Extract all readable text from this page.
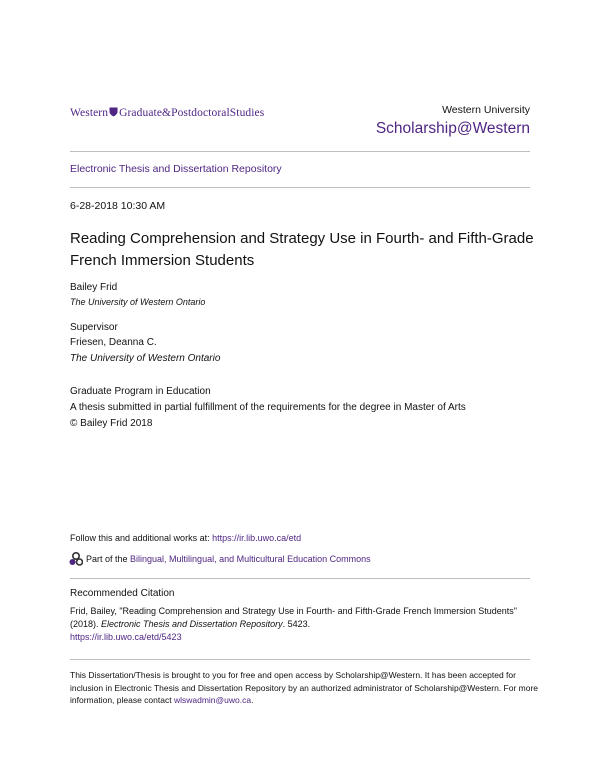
Western Graduate&PostdoctoralStudies	Western University
Scholarship@Western
Electronic Thesis and Dissertation Repository
6-28-2018 10:30 AM
Reading Comprehension and Strategy Use in Fourth- and Fifth-Grade French Immersion Students
Bailey Frid
The University of Western Ontario
Supervisor
Friesen, Deanna C.
The University of Western Ontario
Graduate Program in Education
A thesis submitted in partial fulfillment of the requirements for the degree in Master of Arts
© Bailey Frid 2018
Follow this and additional works at: https://ir.lib.uwo.ca/etd
Part of the Bilingual, Multilingual, and Multicultural Education Commons
Recommended Citation
Frid, Bailey, "Reading Comprehension and Strategy Use in Fourth- and Fifth-Grade French Immersion Students" (2018). Electronic Thesis and Dissertation Repository. 5423.
https://ir.lib.uwo.ca/etd/5423
This Dissertation/Thesis is brought to you for free and open access by Scholarship@Western. It has been accepted for inclusion in Electronic Thesis and Dissertation Repository by an authorized administrator of Scholarship@Western. For more information, please contact wlswadmin@uwo.ca.
